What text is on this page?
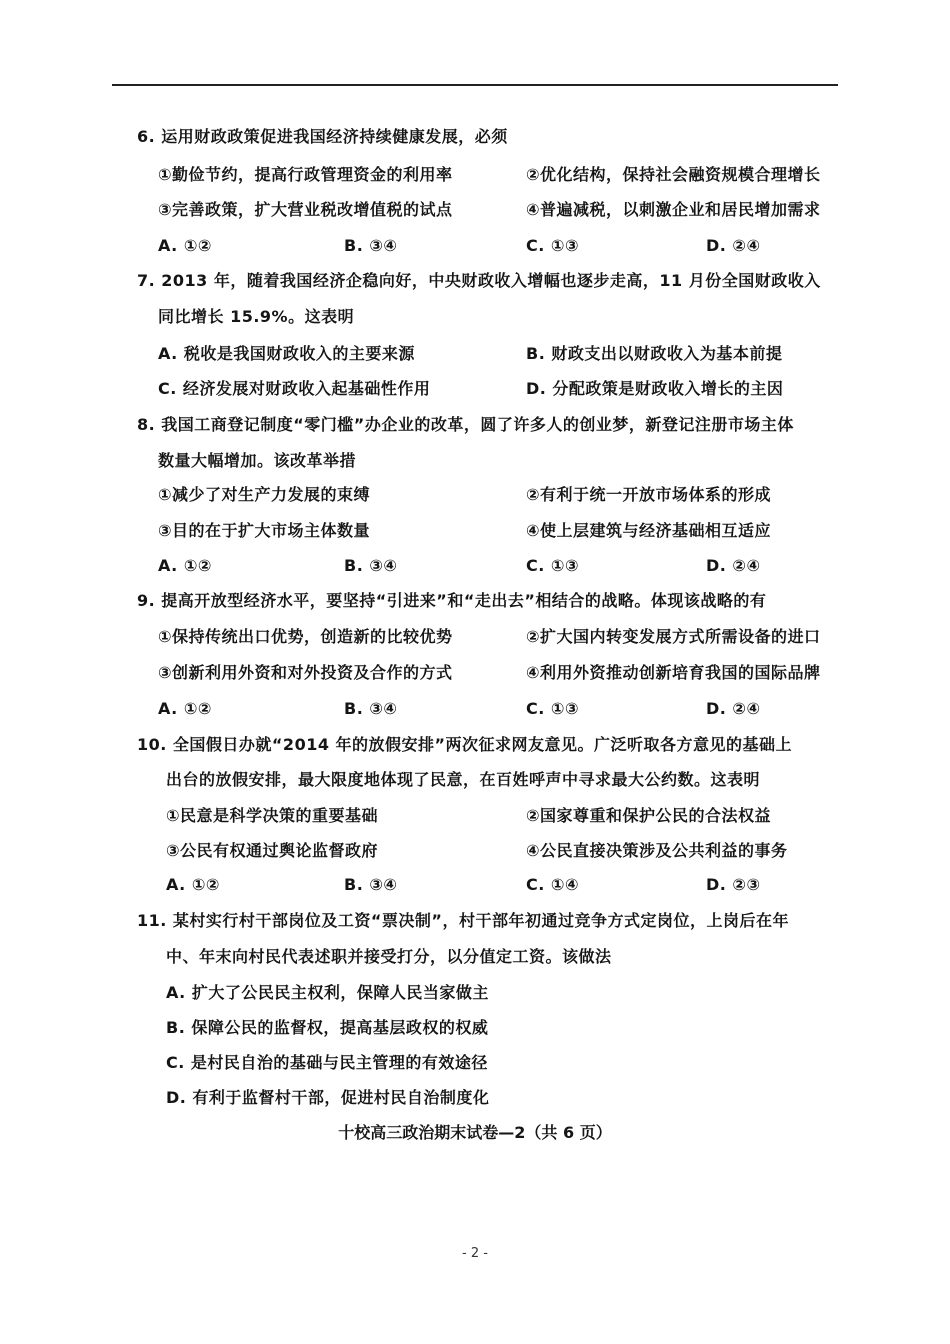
6. 运用财政政策促进我国经济持续健康发展，必须
①勤俭节约，提高行政管理资金的利用率	②优化结构，保持社会融资规模合理增长
③完善政策，扩大营业税改增值税的试点	④普遍减税，以刺激企业和居民增加需求
A. ①②	B. ③④	C. ①③	D. ②④
7. 2013 年，随着我国经济企稳向好，中央财政收入增幅也逐步走高，11 月份全国财政收入
同比增长 15.9%。这表明
A. 税收是我国财政收入的主要来源	B. 财政支出以财政收入为基本前提
C. 经济发展对财政收入起基础性作用	D. 分配政策是财政收入增长的主因
8. 我国工商登记制度“零门槛”办企业的改革，圆了许多人的创业梦，新登记注册市场主体
数量大幅增加。该改革举措
①减少了对生产力发展的束缚	②有利于统一开放市场体系的形成
③目的在于扩大市场主体数量	④使上层建筑与经济基础相互适应
A. ①②	B. ③④	C. ①③	D. ②④
9. 提高开放型经济水平，要坚持“引进来”和“走出去”相结合的战略。体现该战略的有
①保持传统出口优势，创造新的比较优势	②扩大国内转变发展方式所需设备的进口
③创新利用外资和对外投资及合作的方式	④利用外资推动创新培育我国的国际品牌
A. ①②	B. ③④	C. ①③	D. ②④
10. 全国假日办就“2014 年的放假安排”两次征求网友意见。广泛听取各方意见的基础上
出台的放假安排，最大限度地体现了民意，在百姓呼声中寻求最大公约数。这表明
①民意是科学决策的重要基础	②国家尊重和保护公民的合法权益
③公民有权通过舆论监督政府	④公民直接决策涉及公共利益的事务
A. ①②	B. ③④	C. ①④	D. ②③
11. 某村实行村干部岗位及工资“票决制”，村干部年初通过竞争方式定岗位，上岗后在年
中、年末向村民代表述职并接受打分，以分值定工资。该做法
A. 扩大了公民民主权利，保障人民当家做主
B. 保障公民的监督权，提高基层政权的权威
C. 是村民自治的基础与民主管理的有效途径
D. 有利于监督村干部，促进村民自治制度化
十校高三政治期末试卷—2（共 6 页）
- 2 -
